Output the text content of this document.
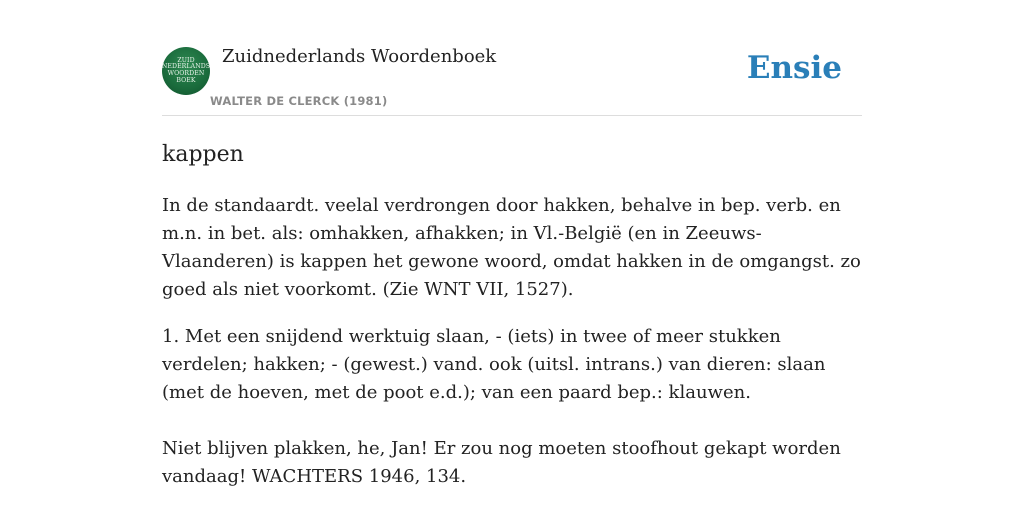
ZUID
NEDERLANDS
WOORDEN
BOEK
Zuidnederlands Woordenboek
WALTER DE CLERCK (1981)
Ensie
kappen

In de standaardt. veelal verdrongen door hakken, behalve in bep. verb. en m.n. in bet. als: omhakken, afhakken; in Vl.-België (en in Zeeuws-Vlaanderen) is kappen het gewone woord, omdat hakken in de omgangst. zo goed als niet voorkomt. (Zie WNT VII, 1527).

1. Met een snijdend werktuig slaan, - (iets) in twee of meer stukken verdelen; hakken; - (gewest.) vand. ook (uitsl. intrans.) van dieren: slaan (met de hoeven, met de poot e.d.); van een paard bep.: klauwen.

Niet blijven plakken, he, Jan! Er zou nog moeten stoofhout gekapt worden vandaag! WACHTERS 1946, 134.
